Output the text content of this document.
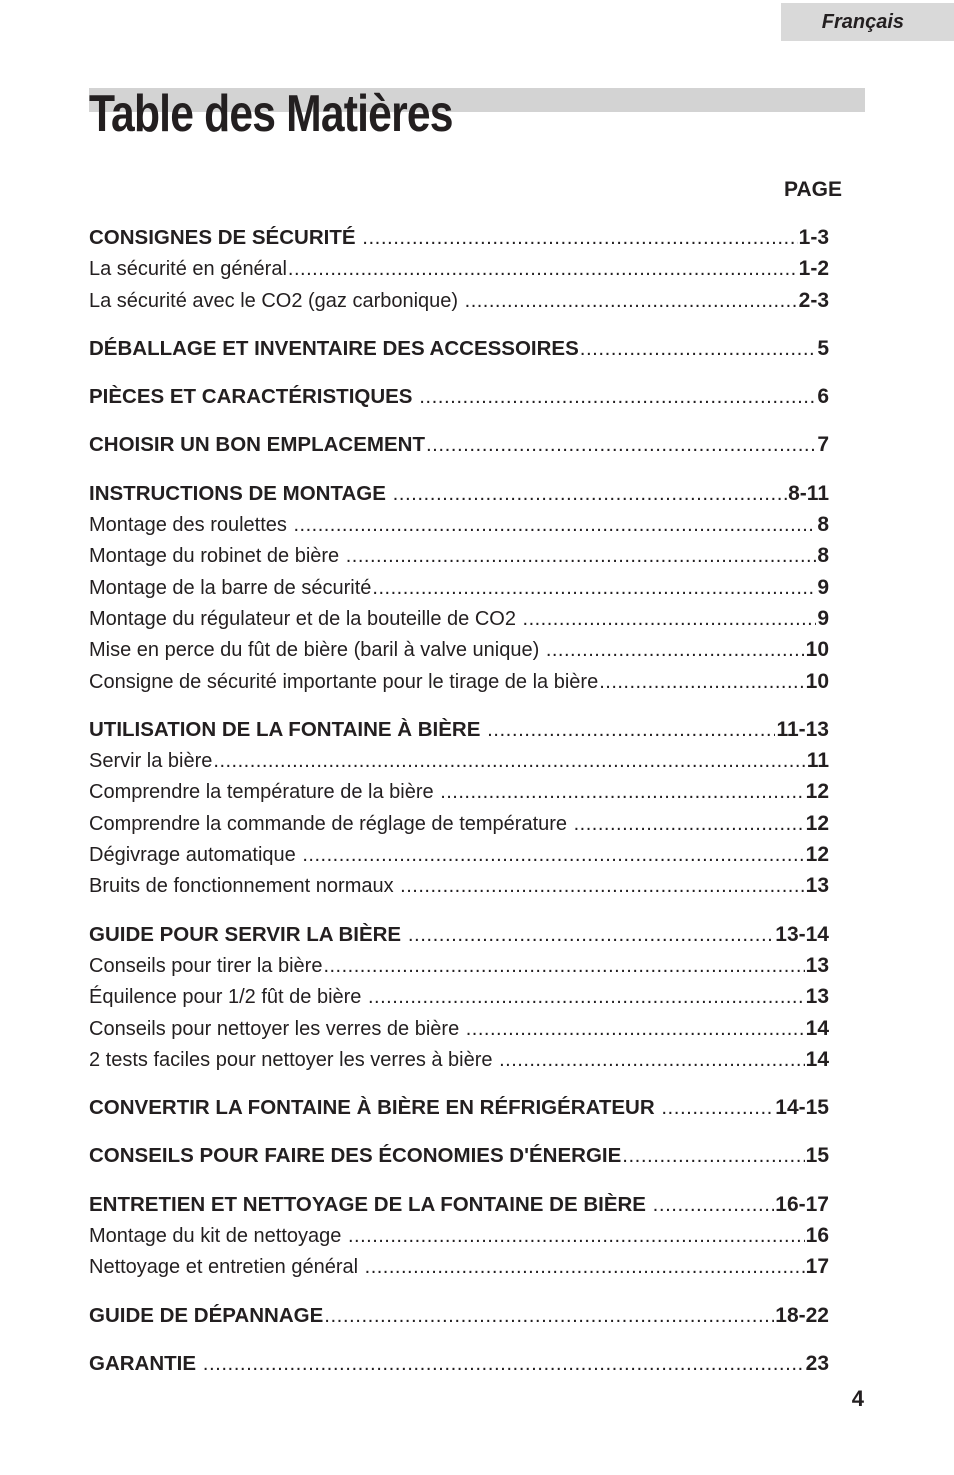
Français
Table des Matières
PAGE
CONSIGNES DE SÉCURITÉ .....	1-3
La sécurité en général .....	1-2
La sécurité avec le CO2 (gaz carbonique) .....	2-3
DÉBALLAGE ET INVENTAIRE DES ACCESSOIRES .....	5
PIÈCES ET CARACTÉRISTIQUES .....	6
CHOISIR UN BON EMPLACEMENT .....	7
INSTRUCTIONS DE MONTAGE .....	8-11
Montage des roulettes .....	8
Montage du robinet de bière .....	8
Montage de la barre de sécurité .....	9
Montage du régulateur et de la bouteille de CO2 .....	9
Mise en perce du fût de bière (baril à valve unique) .....	10
Consigne de sécurité importante pour le tirage de la bière .....	10
UTILISATION DE LA FONTAINE À BIÈRE .....	11-13
Servir la bière .....	11
Comprendre la température de la bière .....	12
Comprendre la commande de réglage de température .....	12
Dégivrage automatique .....	12
Bruits de fonctionnement normaux .....	13
GUIDE POUR SERVIR LA BIÈRE .....	13-14
Conseils pour tirer la bière .....	13
Équilence pour 1/2 fût de bière .....	13
Conseils pour nettoyer les verres de bière .....	14
2 tests faciles pour nettoyer les verres à bière .....	14
CONVERTIR LA FONTAINE À BIÈRE EN RÉFRIGÉRATEUR .....	14-15
CONSEILS POUR FAIRE DES ÉCONOMIES D'ÉNERGIE .....	15
ENTRETIEN ET NETTOYAGE DE LA FONTAINE DE BIÈRE .....	16-17
Montage du kit de nettoyage .....	16
Nettoyage et entretien général .....	17
GUIDE DE DÉPANNAGE .....	18-22
GARANTIE .....	23
4
